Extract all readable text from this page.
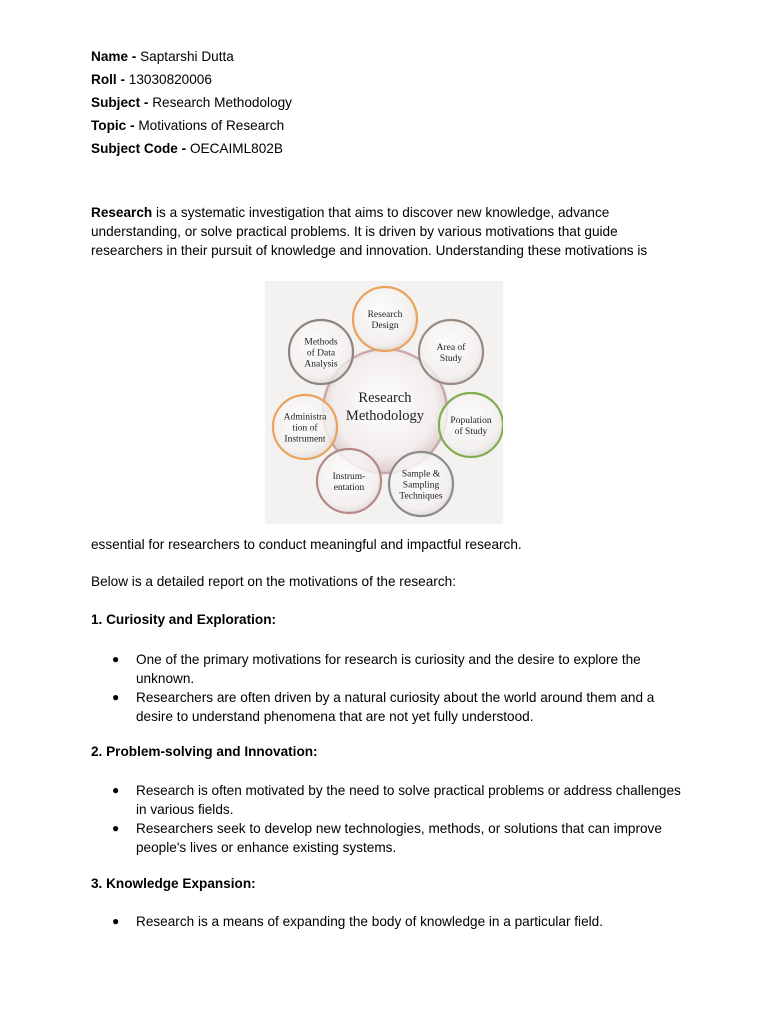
Name - Saptarshi Dutta
Roll - 13030820006
Subject - Research Methodology
Topic - Motivations of Research
Subject Code - OECAIML802B

Research is a systematic investigation that aims to discover new knowledge, advance understanding, or solve practical problems. It is driven by various motivations that guide researchers in their pursuit of knowledge and innovation. Understanding these motivations is

Research
Design
Area of
Study
Population
of Study
Sample &
Sampling
Techniques
Instrum-
entation
Administra
tion of
Instrument
Methods
of Data
Analysis
Research
Methodology
essential for researchers to conduct meaningful and impactful research.
Below is a detailed report on the motivations of the research:
1. Curiosity and Exploration:
● One of the primary motivations for research is curiosity and the desire to explore the unknown.
● Researchers are often driven by a natural curiosity about the world around them and a desire to understand phenomena that are not yet fully understood.
2. Problem-solving and Innovation:
● Research is often motivated by the need to solve practical problems or address challenges in various fields.
● Researchers seek to develop new technologies, methods, or solutions that can improve people's lives or enhance existing systems.
3. Knowledge Expansion:
● Research is a means of expanding the body of knowledge in a particular field.
